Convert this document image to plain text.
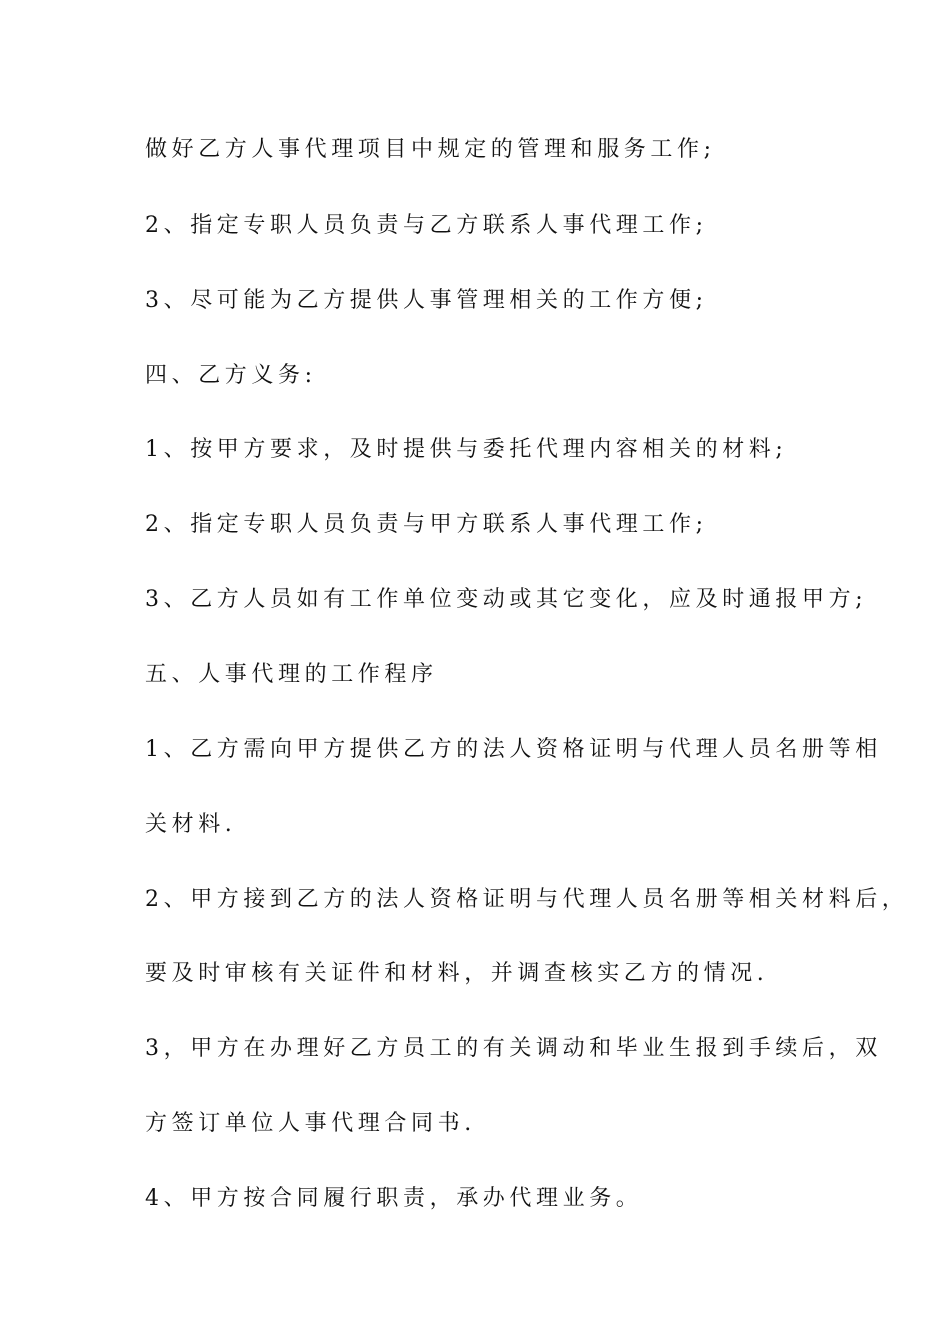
做好乙方人事代理项目中规定的管理和服务工作;
2、指定专职人员负责与乙方联系人事代理工作;
3、尽可能为乙方提供人事管理相关的工作方便;
四、乙方义务:
1、按甲方要求，及时提供与委托代理内容相关的材料;
2、指定专职人员负责与甲方联系人事代理工作;
3、乙方人员如有工作单位变动或其它变化，应及时通报甲方;
五、人事代理的工作程序
1、乙方需向甲方提供乙方的法人资格证明与代理人员名册等相
关材料.
2、甲方接到乙方的法人资格证明与代理人员名册等相关材料后，
要及时审核有关证件和材料，并调查核实乙方的情况.
3，甲方在办理好乙方员工的有关调动和毕业生报到手续后，双
方签订单位人事代理合同书.
4、甲方按合同履行职责，承办代理业务。
